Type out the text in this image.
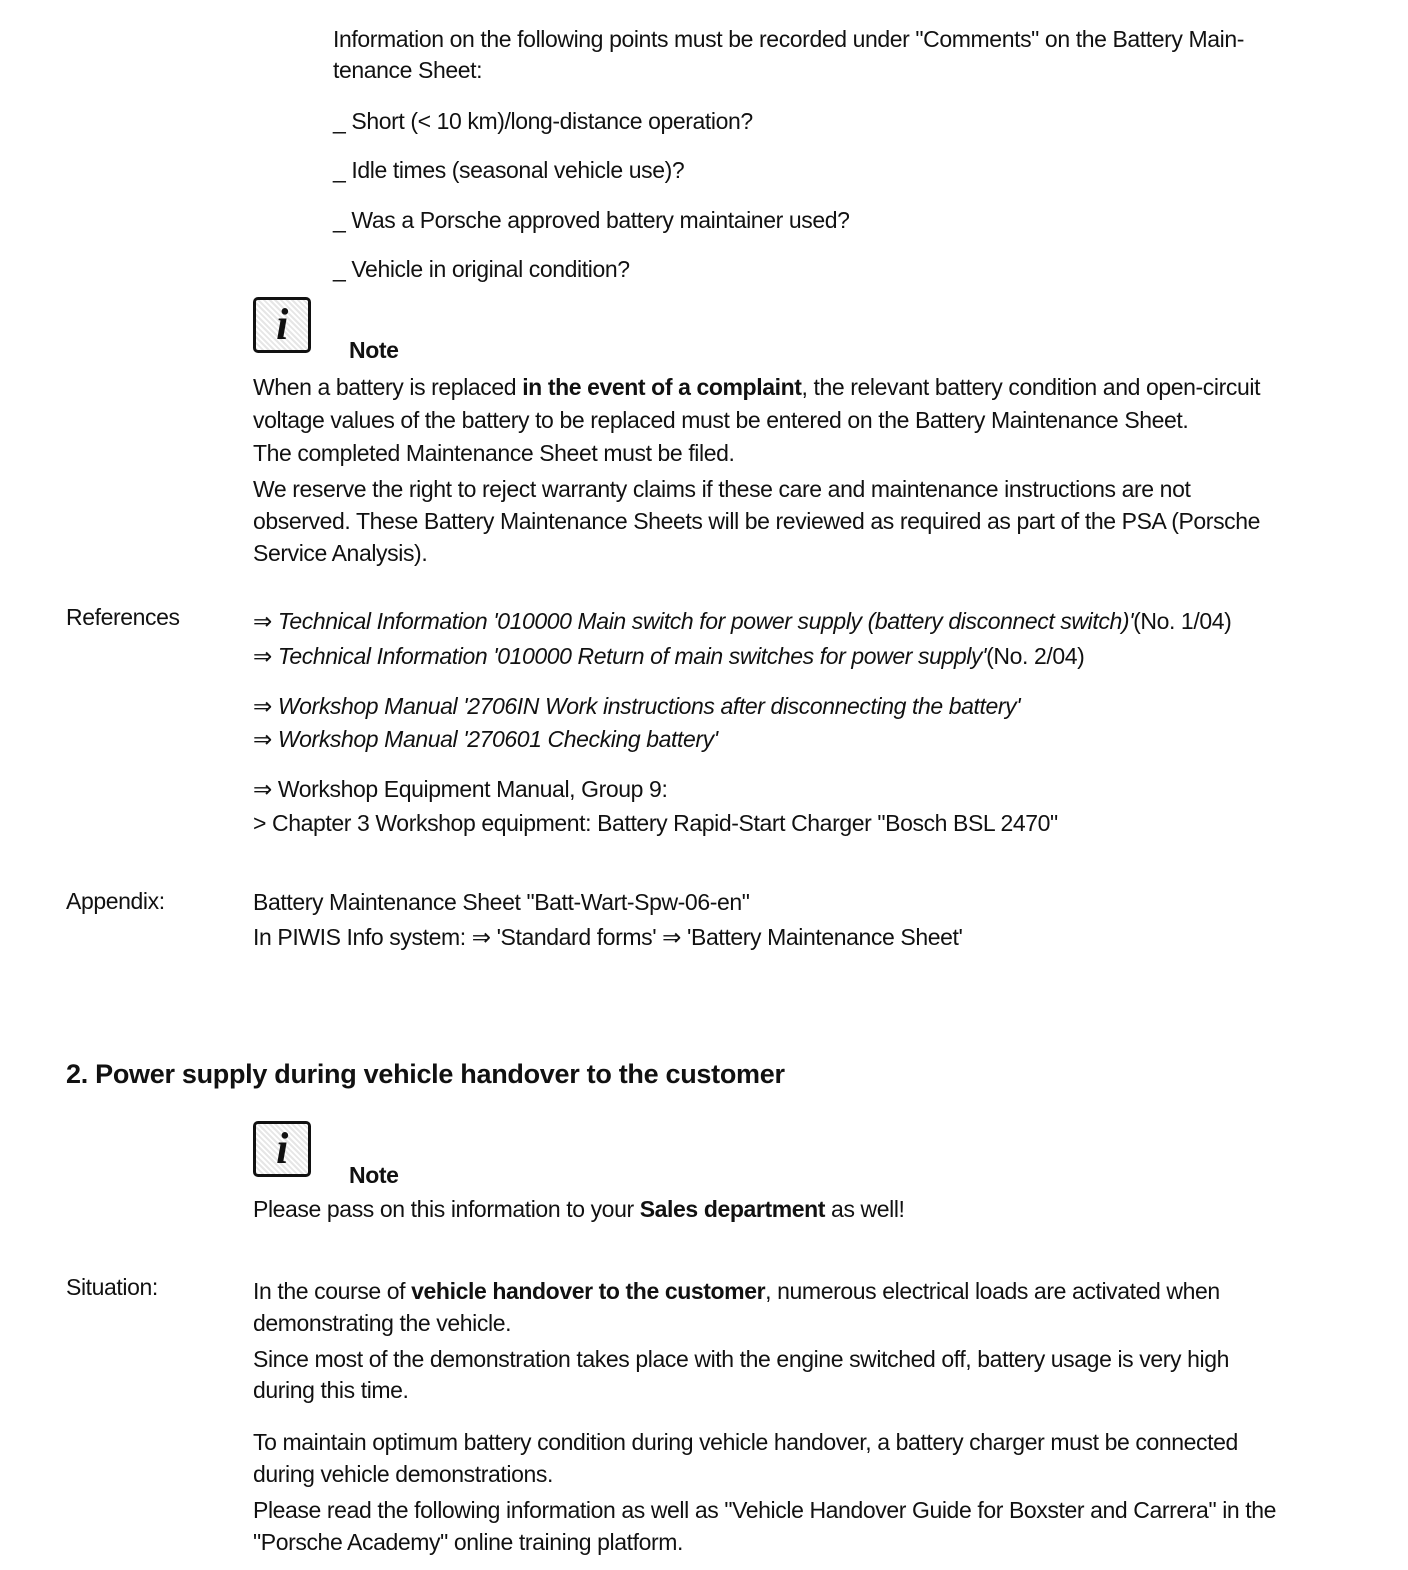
Information on the following points must be recorded under "Comments" on the Battery Main-
tenance Sheet:
_ Short (< 10 km)/long-distance operation?
_ Idle times (seasonal vehicle use)?
_ Was a Porsche approved battery maintainer used?
_ Vehicle in original condition?
i
Note
When a battery is replaced in the event of a complaint, the relevant battery condition and open-circuit
voltage values of the battery to be replaced must be entered on the Battery Maintenance Sheet.
The completed Maintenance Sheet must be filed.
We reserve the right to reject warranty claims if these care and maintenance instructions are not
observed. These Battery Maintenance Sheets will be reviewed as required as part of the PSA (Porsche
Service Analysis).
References	⇒ Technical Information '010000 Main switch for power supply (battery disconnect switch)'(No. 1/04)
⇒ Technical Information '010000 Return of main switches for power supply'(No. 2/04)
⇒ Workshop Manual '2706IN Work instructions after disconnecting the battery'
⇒ Workshop Manual '270601 Checking battery'
⇒ Workshop Equipment Manual, Group 9:
> Chapter 3 Workshop equipment: Battery Rapid-Start Charger "Bosch BSL 2470"
Appendix:	Battery Maintenance Sheet "Batt-Wart-Spw-06-en"
In PIWIS Info system: ⇒ 'Standard forms' ⇒ 'Battery Maintenance Sheet'
2. Power supply during vehicle handover to the customer
i
Note
Please pass on this information to your Sales department as well!
Situation:	In the course of vehicle handover to the customer, numerous electrical loads are activated when
demonstrating the vehicle.
Since most of the demonstration takes place with the engine switched off, battery usage is very high
during this time.
To maintain optimum battery condition during vehicle handover, a battery charger must be connected
during vehicle demonstrations.
Please read the following information as well as "Vehicle Handover Guide for Boxster and Carrera" in the
"Porsche Academy" online training platform.
